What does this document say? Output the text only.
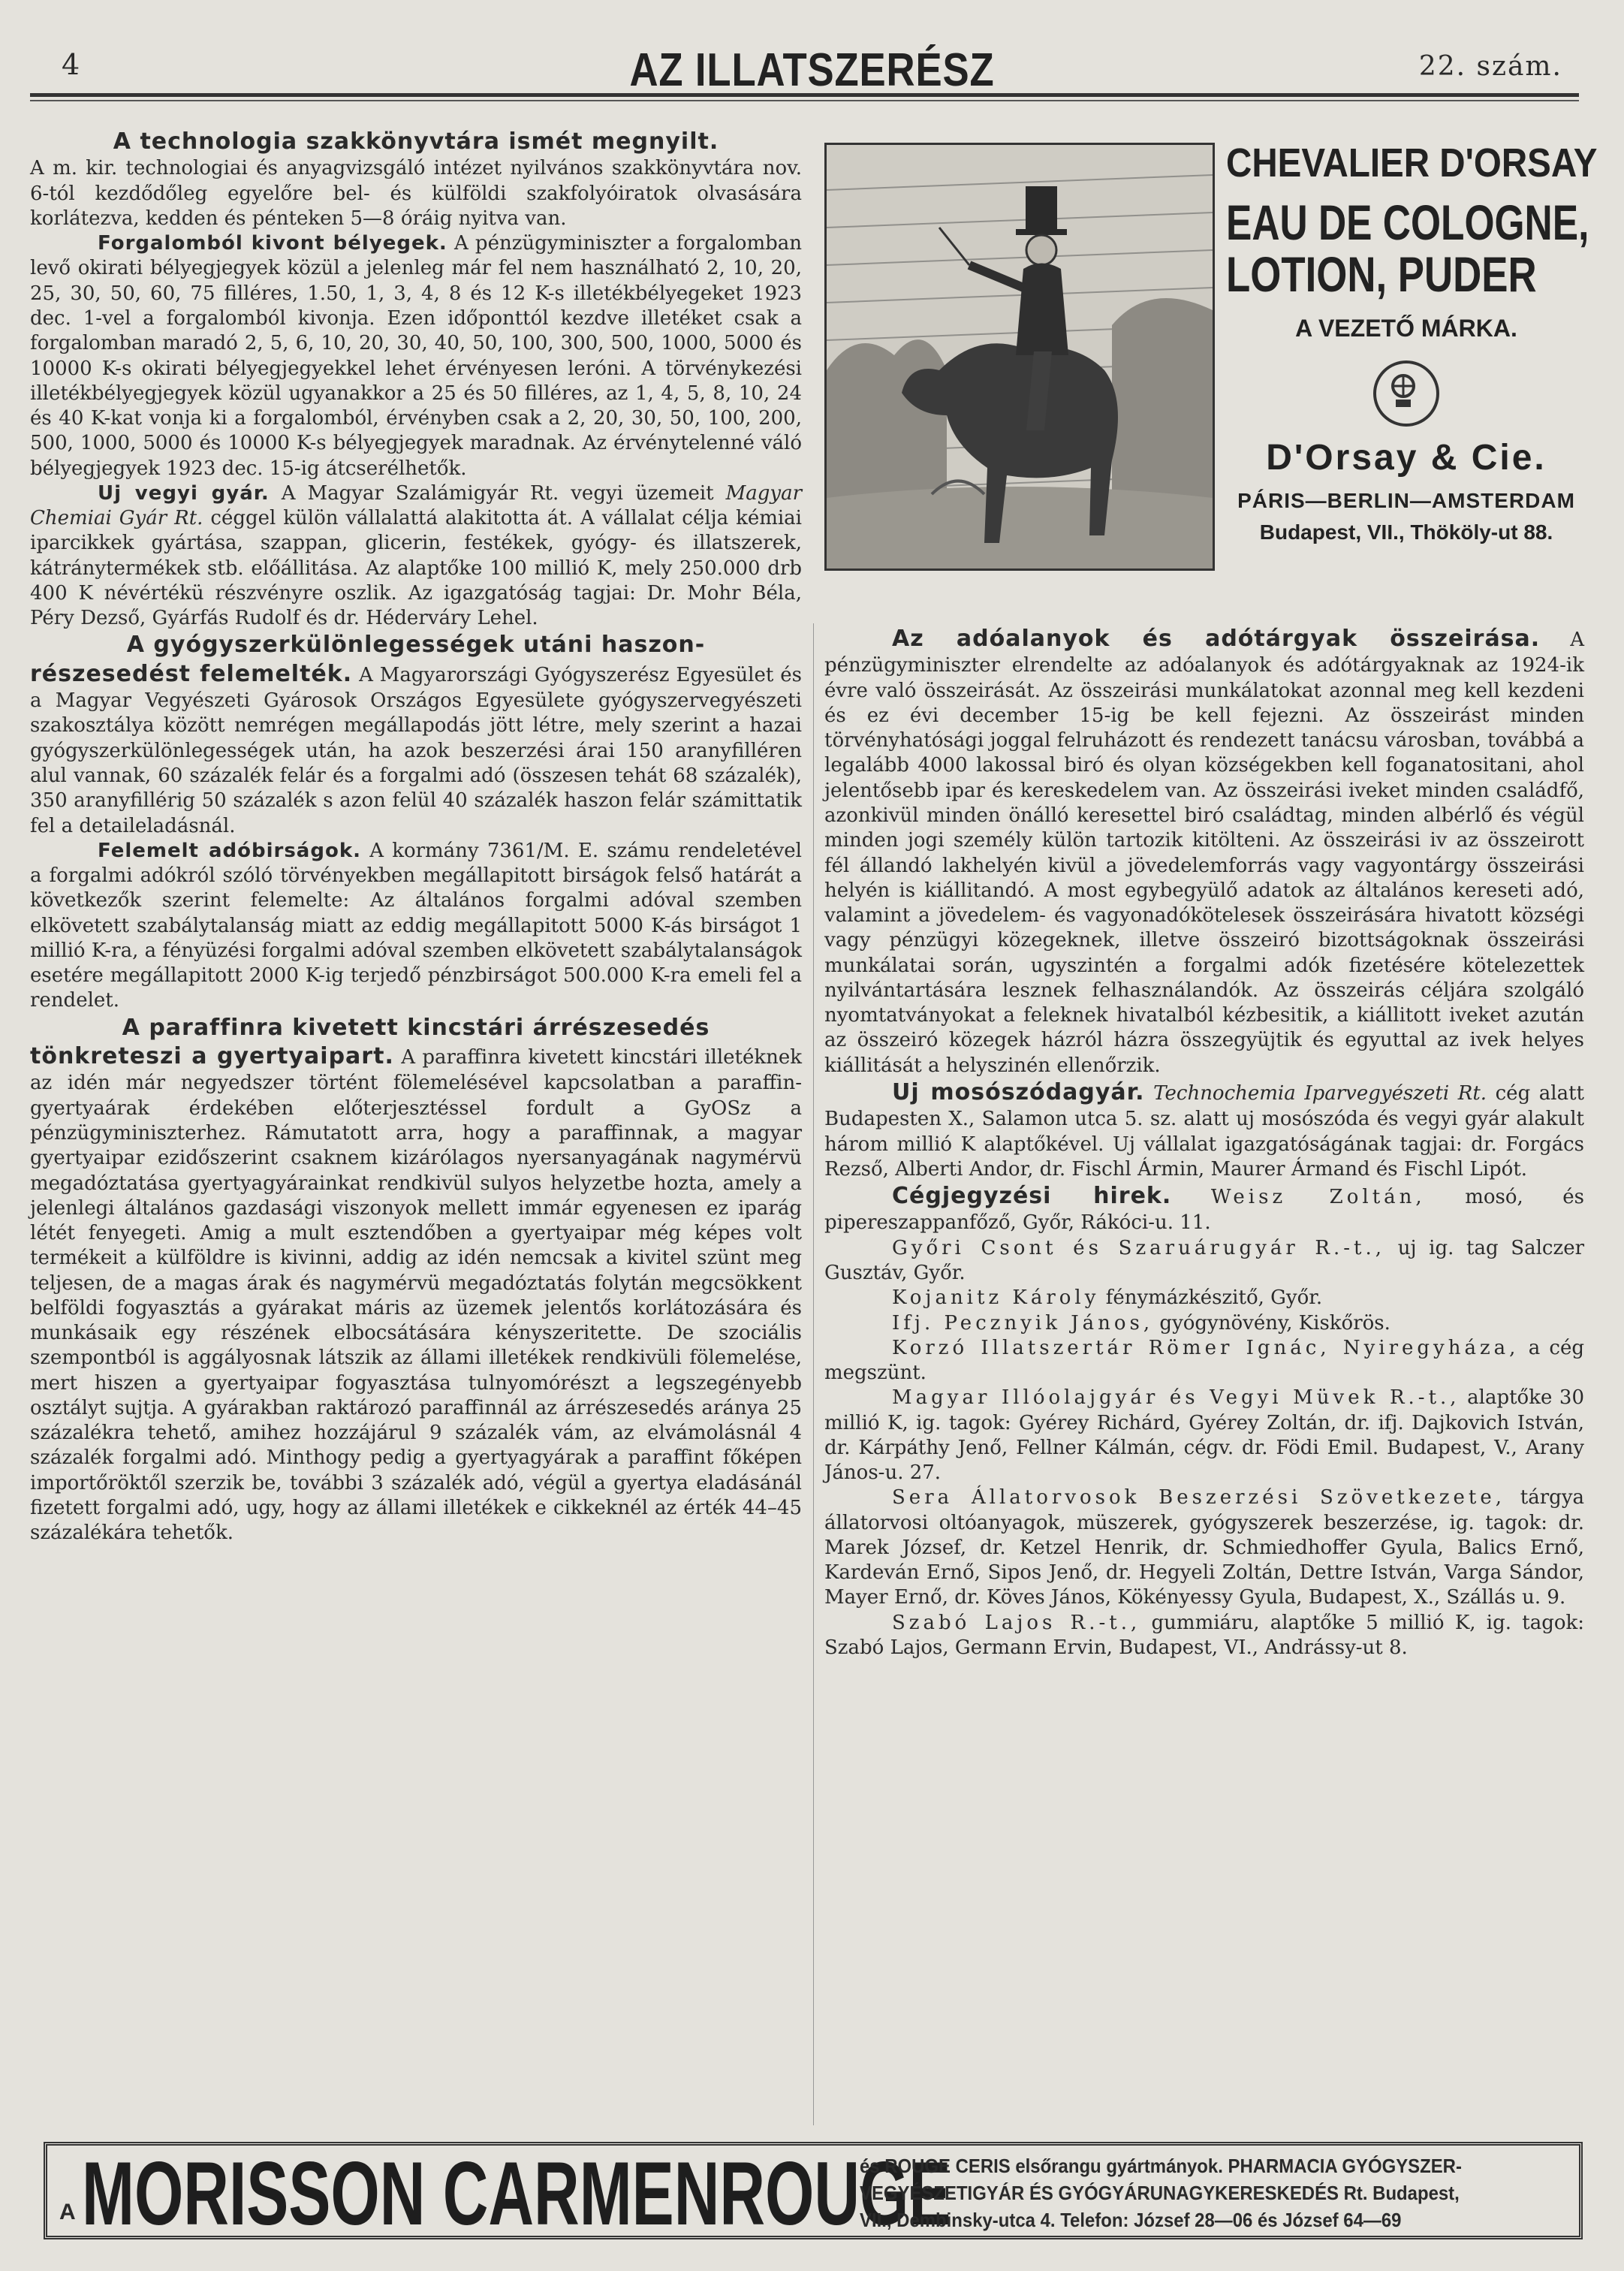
4	AZ ILLATSZERÉSZ	22. szám.
A technologia szakkönyvtára ismét megnyilt.

A m. kir. technologiai és anyagvizsgáló intézet nyilvános szakkönyvtára nov. 6-tól kezdődőleg egyelőre bel- és külföldi szakfolyóiratok olvasására korlátezva, kedden és pénteken 5—8 óráig nyitva van.

Forgalomból kivont bélyegek. A pénzügyminiszter a forgalomban levő okirati bélyegjegyek közül a jelenleg már fel nem használható 2, 10, 20, 25, 30, 50, 60, 75 filléres, 1.50, 1, 3, 4, 8 és 12 K-s illetékbélyegeket 1923 dec. 1-vel a forgalomból kivonja. Ezen időponttól kezdve illetéket csak a forgalomban maradó 2, 5, 6, 10, 20, 30, 40, 50, 100, 300, 500, 1000, 5000 és 10000 K-s okirati bélyegjegyekkel lehet érvényesen leróni. A törvénykezési illetékbélyegjegyek közül ugyanakkor a 25 és 50 filléres, az 1, 4, 5, 8, 10, 24 és 40 K-kat vonja ki a forgalomból, érvényben csak a 2, 20, 30, 50, 100, 200, 500, 1000, 5000 és 10000 K-s bélyegjegyek maradnak. Az érvénytelenné váló bélyegjegyek 1923 dec. 15-ig átcserélhetők.

Uj vegyi gyár. A Magyar Szalámigyár Rt. vegyi üzemeit Magyar Chemiai Gyár Rt. céggel külön vállalattá alakitotta át. A vállalat célja kémiai iparcikkek gyártása, szappan, glicerin, festékek, gyógy- és illatszerek, kátránytermékek stb. előállitása. Az alaptőke 100 millió K, mely 250.000 drb 400 K névértékü részvényre oszlik. Az igazgatóság tagjai: Dr. Mohr Béla, Péry Dezső, Gyárfás Rudolf és dr. Héderváry Lehel.

A gyógyszerkülönlegességek utáni haszon-

részesedést felemelték. A Magyarországi Gyógyszerész Egyesület és a Magyar Vegyészeti Gyárosok Országos Egyesülete gyógyszervegyészeti szakosztálya között nemrégen megállapodás jött létre, mely szerint a hazai gyógyszerkülönlegességek után, ha azok beszerzési árai 150 aranyfilléren alul vannak, 60 százalék felár és a forgalmi adó (összesen tehát 68 százalék), 350 aranyfillérig 50 százalék s azon felül 40 százalék haszon felár számittatik fel a detaileladásnál.

Felemelt adóbirságok. A kormány 7361/M. E. számu rendeletével a forgalmi adókról szóló törvényekben megállapitott birságok felső határát a következők szerint felemelte: Az általános forgalmi adóval szemben elkövetett szabálytalanság miatt az eddig megállapitott 5000 K-ás birságot 1 millió K-ra, a fényüzési forgalmi adóval szemben elkövetett szabálytalanságok esetére megállapitott 2000 K-ig terjedő pénzbirságot 500.000 K-ra emeli fel a rendelet.

A paraffinra kivetett kincstári árrészesedés

tönkreteszi a gyertyaipart. A paraffinra kivetett kincstári illetéknek az idén már negyedszer történt fölemelésével kapcsolatban a paraffin-gyertyaárak érdekében előterjesztéssel fordult a GyOSz a pénzügyminiszterhez. Rámutatott arra, hogy a paraffinnak, a magyar gyertyaipar ezidőszerint csaknem kizárólagos nyersanyagának nagymérvü megadóztatása gyertyagyárainkat rendkivül sulyos helyzetbe hozta, amely a jelenlegi általános gazdasági viszonyok mellett immár egyenesen ez iparág létét fenyegeti. Amig a mult esztendőben a gyertyaipar még képes volt termékeit a külföldre is kivinni, addig az idén nemcsak a kivitel szünt meg teljesen, de a magas árak és nagymérvü megadóztatás folytán megcsökkent belföldi fogyasztás a gyárakat máris az üzemek jelentős korlátozására és munkásaik egy részének elbocsátására kényszeritette. De szociális szempontból is aggályosnak látszik az állami illetékek rendkivüli fölemelése, mert hiszen a gyertyaipar fogyasztása tulnyomórészt a legszegényebb osztályt sujtja. A gyárakban raktározó paraffinnál az árrészesedés aránya 25 százalékra tehető, amihez hozzájárul 9 százalék vám, az elvámolásnál 4 százalék forgalmi adó. Minthogy pedig a gyertyagyárak a paraffint főképen importőröktől szerzik be, további 3 százalék adó, végül a gyertya eladásánál fizetett forgalmi adó, ugy, hogy az állami illetékek e cikkeknél az érték 44–45 százalékára tehetők.

CHEVALIER D'ORSAY
EAU DE COLOGNE,
LOTION, PUDER
A VEZETŐ MÁRKA.
D'Orsay & Cie.
PÁRIS—BERLIN—AMSTERDAM
Budapest, VII., Thököly-ut 88.

Az adóalanyok és adótárgyak összeirása. A pénzügyminiszter elrendelte az adóalanyok és adótárgyaknak az 1924-ik évre való összeirását. Az összeirási munkálatokat azonnal meg kell kezdeni és ez évi december 15-ig be kell fejezni. Az összeirást minden törvényhatósági joggal felruházott és rendezett tanácsu városban, továbbá a legalább 4000 lakossal biró és olyan községekben kell foganatositani, ahol jelentősebb ipar és kereskedelem van. Az összeirási iveket minden családfő, azonkivül minden önálló keresettel biró családtag, minden albérlő és végül minden jogi személy külön tartozik kitölteni. Az összeirási iv az összeirott fél állandó lakhelyén kivül a jövedelemforrás vagy vagyontárgy összeirási helyén is kiállitandó. A most egybegyülő adatok az általános kereseti adó, valamint a jövedelem- és vagyonadókötelesek összeirására hivatott községi vagy pénzügyi közegeknek, illetve összeiró bizottságoknak összeirási munkálatai során, ugyszintén a forgalmi adók fizetésére kötelezettek nyilvántartására lesznek felhasználandók. Az összeirás céljára szolgáló nyomtatványokat a feleknek hivatalból kézbesitik, a kiállitott iveket azután az összeiró közegek házról házra összegyüjtik és egyuttal az ivek helyes kiállitását a helyszinén ellenőrzik.

Uj mosószódagyár. Technochemia Iparvegyészeti Rt. cég alatt Budapesten X., Salamon utca 5. sz. alatt uj mosószóda és vegyi gyár alakult három millió K alaptőkével. Uj vállalat igazgatóságának tagjai: dr. Forgács Rezső, Alberti Andor, dr. Fischl Ármin, Maurer Ármand és Fischl Lipót.

Cégjegyzési hirek. Weisz Zoltán, mosó, és pipereszappanfőző, Győr, Rákóci-u. 11.

Győri Csont és Szaruárugyár R.-t., uj ig. tag Salczer Gusztáv, Győr.

Kojanitz Károly fénymázkészitő, Győr.

Ifj. Pecznyik János, gyógynövény, Kiskőrös.

Korzó Illatszertár Römer Ignác, Nyiregyháza, a cég megszünt.

Magyar Illóolajgyár és Vegyi Müvek R.-t., alaptőke 30 millió K, ig. tagok: Gyérey Richárd, Gyérey Zoltán, dr. ifj. Dajkovich István, dr. Kárpáthy Jenő, Fellner Kálmán, cégv. dr. Födi Emil. Budapest, V., Arany János-u. 27.

Sera Állatorvosok Beszerzési Szövetkezete, tárgya állatorvosi oltóanyagok, müszerek, gyógyszerek beszerzése, ig. tagok: dr. Marek József, dr. Ketzel Henrik, dr. Schmiedhoffer Gyula, Balics Ernő, Kardeván Ernő, Sipos Jenő, dr. Hegyeli Zoltán, Dettre István, Varga Sándor, Mayer Ernő, dr. Köves János, Kökényessy Gyula, Budapest, X., Szállás u. 9.

Szabó Lajos R.-t., gummiáru, alaptőke 5 millió K, ig. tagok: Szabó Lajos, Germann Ervin, Budapest, VI., Andrássy-ut 8.

A MORISSON CARMENROUGE
és ROUGE CERIS elsőrangu gyártmányok. PHARMACIA GYÓGYSZER-
VEGYÉSZETIGYÁR ÉS GYÓGYÁRUNAGYKERESKEDÉS Rt. Budapest,
VII., Dembinsky-utca 4. Telefon: József 28—06 és József 64—69
